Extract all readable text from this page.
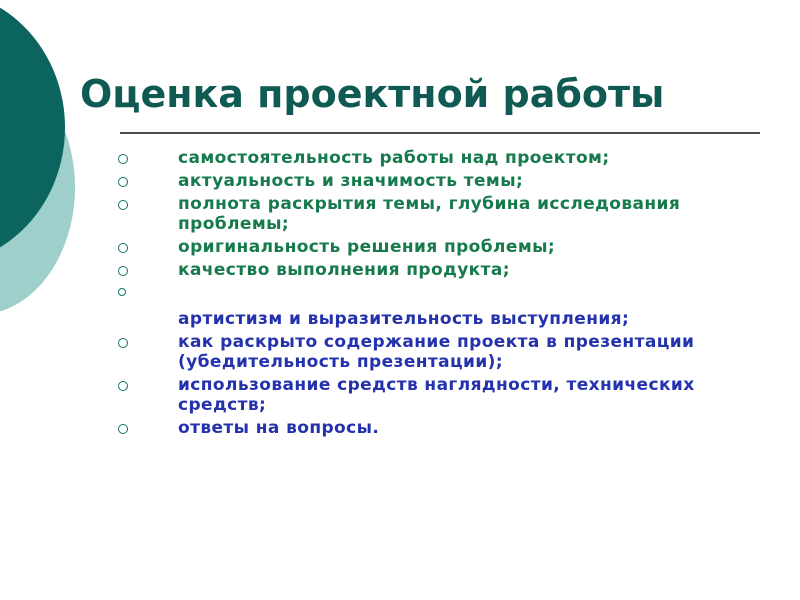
Оценка проектной работы
самостоятельность работы над проектом;
актуальность и значимость темы;
полнота раскрытия темы, глубина исследования проблемы;
оригинальность решения проблемы;
качество выполнения продукта;
артистизм и выразительность выступления;
как раскрыто содержание проекта в презентации (убедительность презентации);
использование средств наглядности, технических средств;
ответы на вопросы.
